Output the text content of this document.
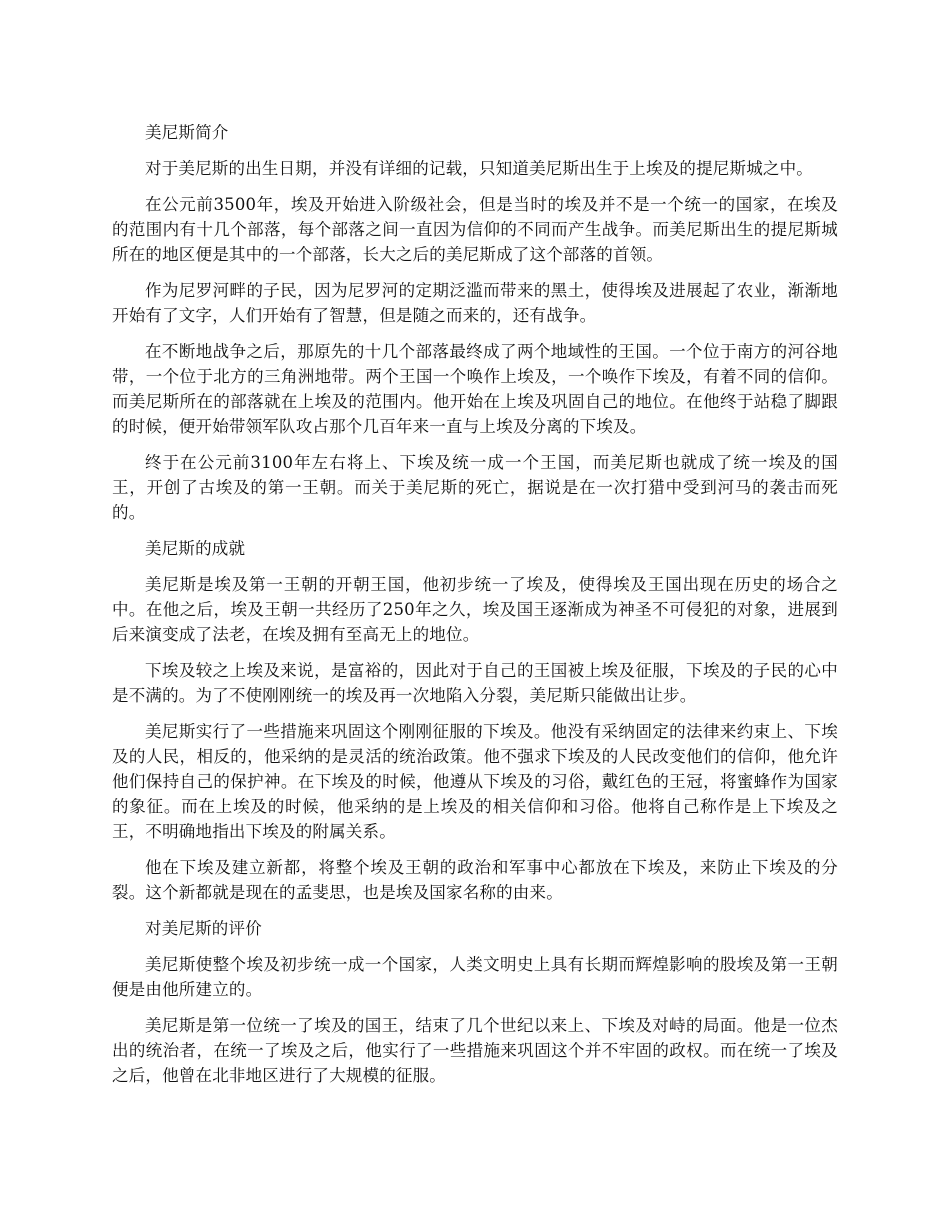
美尼斯简介

对于美尼斯的出生日期，并没有详细的记载，只知道美尼斯出生于上埃及的提尼斯城之中。

在公元前3500年，埃及开始进入阶级社会，但是当时的埃及并不是一个统一的国家，在埃及的范围内有十几个部落，每个部落之间一直因为信仰的不同而产生战争。而美尼斯出生的提尼斯城所在的地区便是其中的一个部落，长大之后的美尼斯成了这个部落的首领。

作为尼罗河畔的子民，因为尼罗河的定期泛滥而带来的黑土，使得埃及进展起了农业，渐渐地开始有了文字，人们开始有了智慧，但是随之而来的，还有战争。

在不断地战争之后，那原先的十几个部落最终成了两个地域性的王国。一个位于南方的河谷地带，一个位于北方的三角洲地带。两个王国一个唤作上埃及，一个唤作下埃及，有着不同的信仰。而美尼斯所在的部落就在上埃及的范围内。他开始在上埃及巩固自己的地位。在他终于站稳了脚跟的时候，便开始带领军队攻占那个几百年来一直与上埃及分离的下埃及。

终于在公元前3100年左右将上、下埃及统一成一个王国，而美尼斯也就成了统一埃及的国王，开创了古埃及的第一王朝。而关于美尼斯的死亡，据说是在一次打猎中受到河马的袭击而死的。

美尼斯的成就

美尼斯是埃及第一王朝的开朝王国，他初步统一了埃及，使得埃及王国出现在历史的场合之中。在他之后，埃及王朝一共经历了250年之久，埃及国王逐渐成为神圣不可侵犯的对象，进展到后来演变成了法老，在埃及拥有至高无上的地位。

下埃及较之上埃及来说，是富裕的，因此对于自己的王国被上埃及征服，下埃及的子民的心中是不满的。为了不使刚刚统一的埃及再一次地陷入分裂，美尼斯只能做出让步。

美尼斯实行了一些措施来巩固这个刚刚征服的下埃及。他没有采纳固定的法律来约束上、下埃及的人民，相反的，他采纳的是灵活的统治政策。他不强求下埃及的人民改变他们的信仰，他允许他们保持自己的保护神。在下埃及的时候，他遵从下埃及的习俗，戴红色的王冠，将蜜蜂作为国家的象征。而在上埃及的时候，他采纳的是上埃及的相关信仰和习俗。他将自己称作是上下埃及之王，不明确地指出下埃及的附属关系。

他在下埃及建立新都，将整个埃及王朝的政治和军事中心都放在下埃及，来防止下埃及的分裂。这个新都就是现在的孟斐思，也是埃及国家名称的由来。

对美尼斯的评价

美尼斯使整个埃及初步统一成一个国家，人类文明史上具有长期而辉煌影响的股埃及第一王朝便是由他所建立的。

美尼斯是第一位统一了埃及的国王，结束了几个世纪以来上、下埃及对峙的局面。他是一位杰出的统治者，在统一了埃及之后，他实行了一些措施来巩固这个并不牢固的政权。而在统一了埃及之后，他曾在北非地区进行了大规模的征服。
